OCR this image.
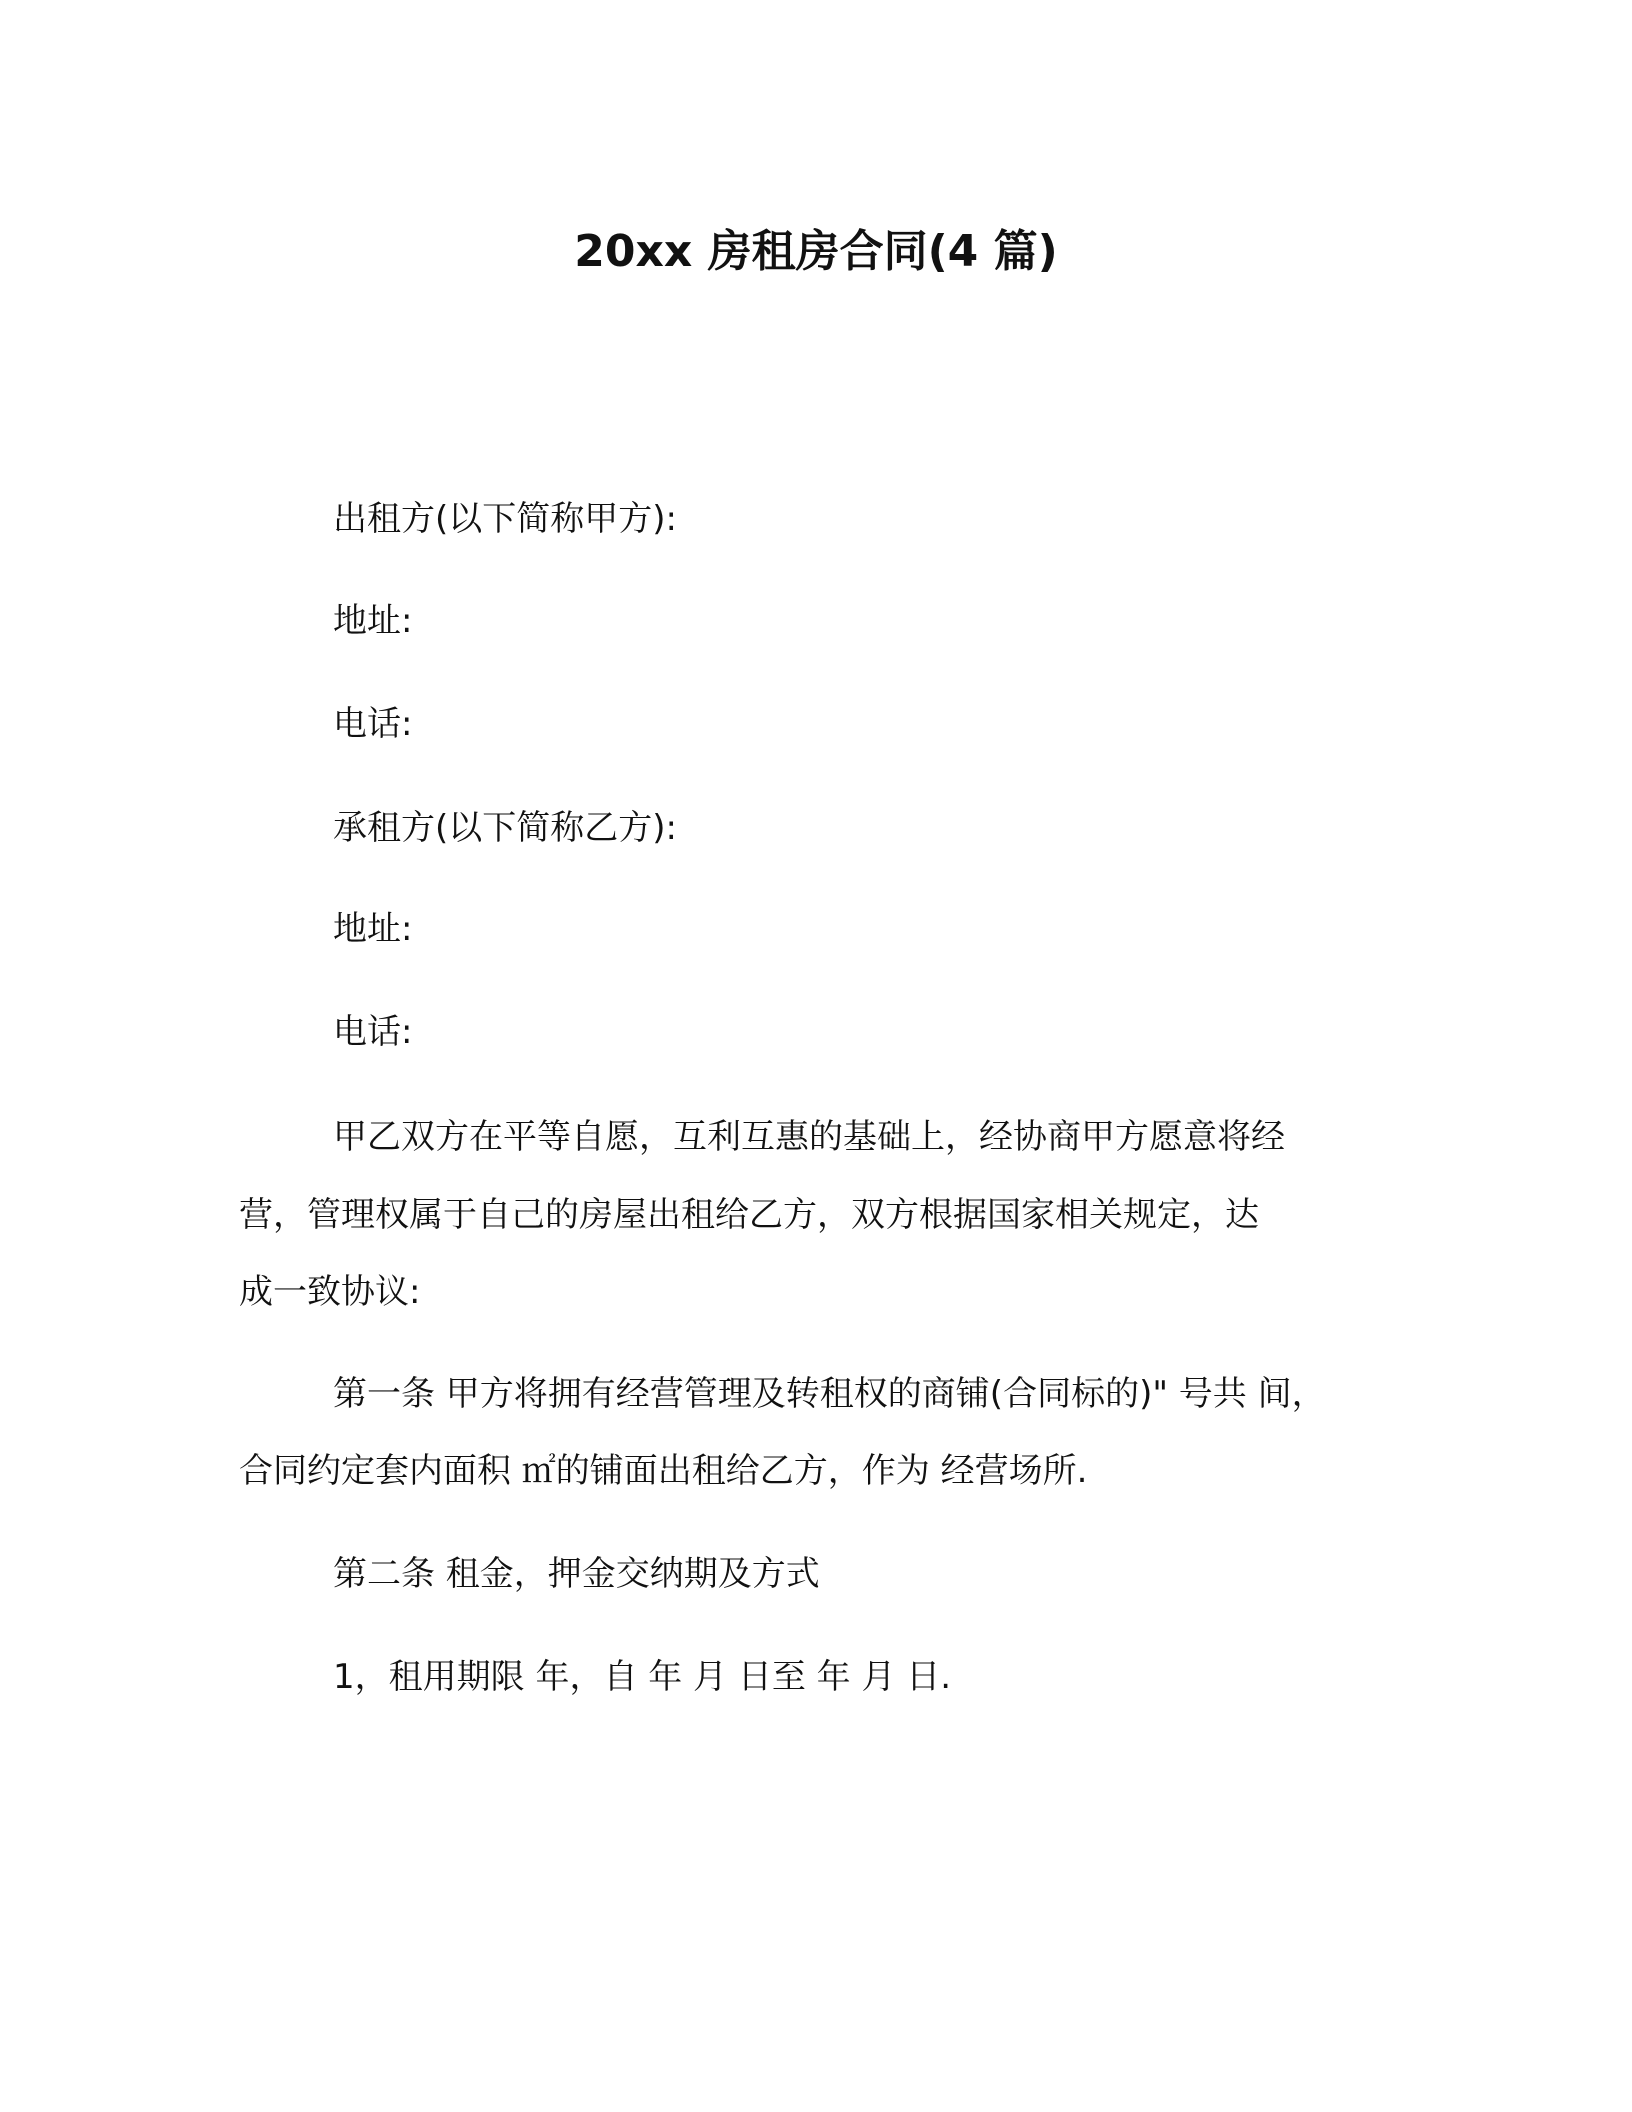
20xx 房租房合同(4 篇)
出租方(以下简称甲方):
地址:
电话:
承租方(以下简称乙方):
地址:
电话:
甲乙双方在平等自愿，互利互惠的基础上，经协商甲方愿意将经
营，管理权属于自己的房屋出租给乙方，双方根据国家相关规定，达
成一致协议:
第一条 甲方将拥有经营管理及转租权的商铺(合同标的)" 号共 间，
合同约定套内面积 ㎡的铺面出租给乙方，作为 经营场所.
第二条 租金，押金交纳期及方式
1，租用期限 年，自 年 月 日至 年 月 日.
